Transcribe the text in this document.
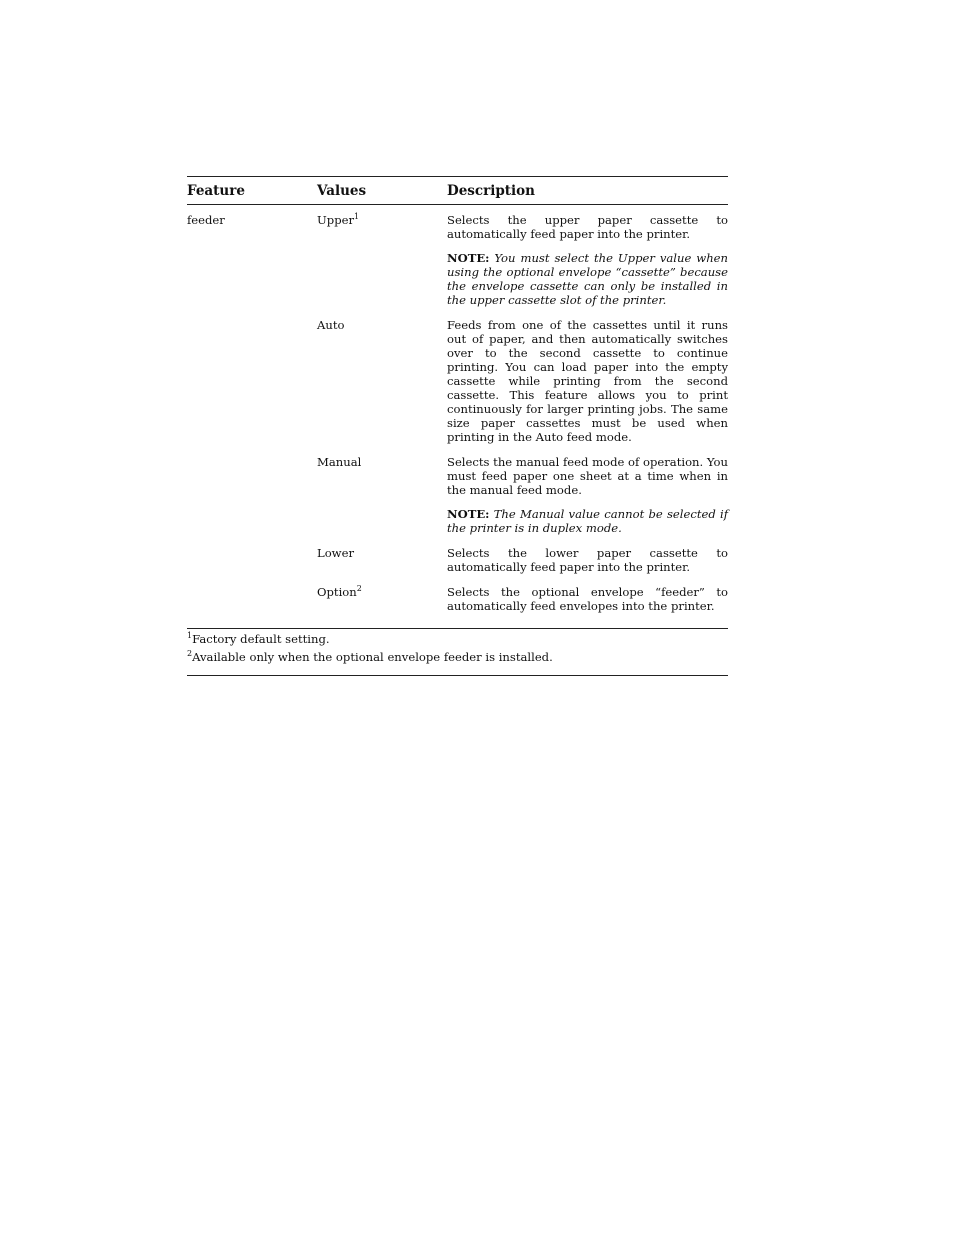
Feature	Values	Description
feeder	Upper$^1$	Selects the upper paper cassette to automatically feed paper into the printer.
NOTE: You must select the Upper value when using the optional envelope “cassette” because the envelope cassette can only be installed in the upper cassette slot of the printer.
Auto	Feeds from one of the cassettes until it runs out of paper, and then automatically switches over to the second cassette to continue printing. You can load paper into the empty cassette while printing from the second cassette. This feature allows you to print continuously for larger printing jobs. The same size paper cassettes must be used when printing in the Auto feed mode.
Manual	Selects the manual feed mode of operation. You must feed paper one sheet at a time when in the manual feed mode.
NOTE: The Manual value cannot be selected if the printer is in duplex mode.
Lower	Selects the lower paper cassette to automatically feed paper into the printer.
Option$^2$	Selects the optional envelope “feeder” to automatically feed envelopes into the printer.
$^1$Factory default setting.
$^2$Available only when the optional envelope feeder is installed.
